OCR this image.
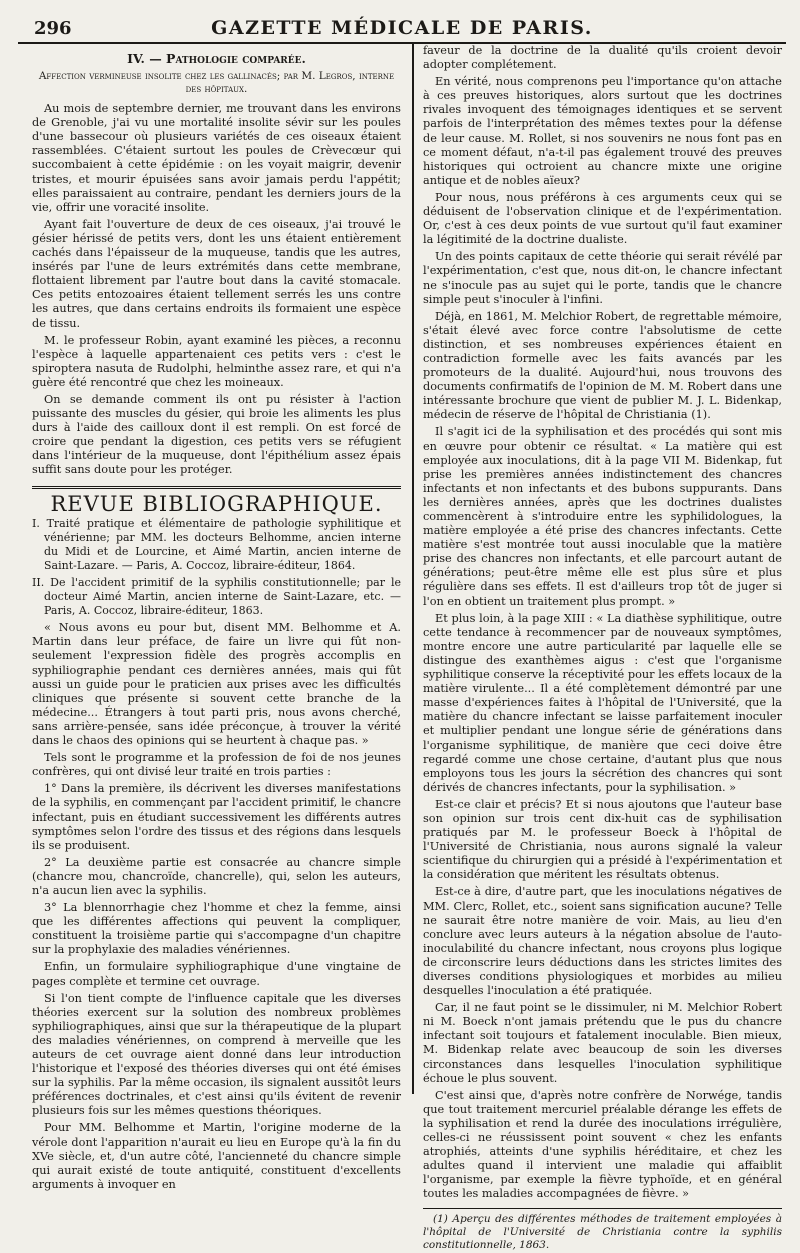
296	GAZETTE MÉDICALE DE PARIS.
IV. — Pathologie comparée.
Affection vermineuse insolite chez les gallinacés; par M. Legros, interne des hôpitaux.

Au mois de septembre dernier, me trouvant dans les environs de Grenoble, j'ai vu une mortalité insolite sévir sur les poules d'une bassecour où plusieurs variétés de ces oiseaux étaient rassemblées. C'étaient surtout les poules de Crèvecœur qui succombaient à cette épidémie : on les voyait maigrir, devenir tristes, et mourir épuisées sans avoir jamais perdu l'appétit; elles paraissaient au contraire, pendant les derniers jours de la vie, offrir une voracité insolite.

Ayant fait l'ouverture de deux de ces oiseaux, j'ai trouvé le gésier hérissé de petits vers, dont les uns étaient entièrement cachés dans l'épaisseur de la muqueuse, tandis que les autres, insérés par l'une de leurs extrémités dans cette membrane, flottaient librement par l'autre bout dans la cavité stomacale. Ces petits entozoaires étaient tellement serrés les uns contre les autres, que dans certains endroits ils formaient une espèce de tissu.

M. le professeur Robin, ayant examiné les pièces, a reconnu l'espèce à laquelle appartenaient ces petits vers : c'est le spiroptera nasuta de Rudolphi, helminthe assez rare, et qui n'a guère été rencontré que chez les moineaux.

On se demande comment ils ont pu résister à l'action puissante des muscles du gésier, qui broie les aliments les plus durs à l'aide des cailloux dont il est rempli. On est forcé de croire que pendant la digestion, ces petits vers se réfugient dans l'intérieur de la muqueuse, dont l'épithélium assez épais suffit sans doute pour les protéger.

REVUE BIBLIOGRAPHIQUE.

I. Traité pratique et élémentaire de pathologie syphilitique et vénérienne; par MM. les docteurs Belhomme, ancien interne du Midi et de Lourcine, et Aimé Martin, ancien interne de Saint-Lazare. — Paris, A. Coccoz, libraire-éditeur, 1864.

II. De l'accident primitif de la syphilis constitutionnelle; par le docteur Aimé Martin, ancien interne de Saint-Lazare, etc. — Paris, A. Coccoz, libraire-éditeur, 1863.

« Nous avons eu pour but, disent MM. Belhomme et A. Martin dans leur préface, de faire un livre qui fût non-seulement l'expression fidèle des progrès accomplis en syphiliographie pendant ces dernières années, mais qui fût aussi un guide pour le praticien aux prises avec les difficultés cliniques que présente si souvent cette branche de la médecine... Étrangers à tout parti pris, nous avons cherché, sans arrière-pensée, sans idée préconçue, à trouver la vérité dans le chaos des opinions qui se heurtent à chaque pas. »

Tels sont le programme et la profession de foi de nos jeunes confrères, qui ont divisé leur traité en trois parties :

1° Dans la première, ils décrivent les diverses manifestations de la syphilis, en commençant par l'accident primitif, le chancre infectant, puis en étudiant successivement les différents autres symptômes selon l'ordre des tissus et des régions dans lesquels ils se produisent.

2° La deuxième partie est consacrée au chancre simple (chancre mou, chancroïde, chancrelle), qui, selon les auteurs, n'a aucun lien avec la syphilis.

3° La blennorrhagie chez l'homme et chez la femme, ainsi que les différentes affections qui peuvent la compliquer, constituent la troisième partie qui s'accompagne d'un chapitre sur la prophylaxie des maladies vénériennes.

Enfin, un formulaire syphiliographique d'une vingtaine de pages complète et termine cet ouvrage.

Si l'on tient compte de l'influence capitale que les diverses théories exercent sur la solution des nombreux problèmes syphiliographiques, ainsi que sur la thérapeutique de la plupart des maladies vénériennes, on comprend à merveille que les auteurs de cet ouvrage aient donné dans leur introduction l'historique et l'exposé des théories diverses qui ont été émises sur la syphilis. Par la même occasion, ils signalent aussitôt leurs préférences doctrinales, et c'est ainsi qu'ils évitent de revenir plusieurs fois sur les mêmes questions théoriques.

Pour MM. Belhomme et Martin, l'origine moderne de la vérole dont l'apparition n'aurait eu lieu en Europe qu'à la fin du XVe siècle, et, d'un autre côté, l'ancienneté du chancre simple qui aurait existé de toute antiquité, constituent d'excellents arguments à invoquer en

faveur de la doctrine de la dualité qu'ils croient devoir adopter complétement.

En vérité, nous comprenons peu l'importance qu'on attache à ces preuves historiques, alors surtout que les doctrines rivales invoquent des témoignages identiques et se servent parfois de l'interprétation des mêmes textes pour la défense de leur cause. M. Rollet, si nos souvenirs ne nous font pas en ce moment défaut, n'a-t-il pas également trouvé des preuves historiques qui octroient au chancre mixte une origine antique et de nobles aïeux?

Pour nous, nous préférons à ces arguments ceux qui se déduisent de l'observation clinique et de l'expérimentation. Or, c'est à ces deux points de vue surtout qu'il faut examiner la légitimité de la doctrine dualiste.

Un des points capitaux de cette théorie qui serait révélé par l'expérimentation, c'est que, nous dit-on, le chancre infectant ne s'inocule pas au sujet qui le porte, tandis que le chancre simple peut s'inoculer à l'infini.

Déjà, en 1861, M. Melchior Robert, de regrettable mémoire, s'était élevé avec force contre l'absolutisme de cette distinction, et ses nombreuses expériences étaient en contradiction formelle avec les faits avancés par les promoteurs de la dualité. Aujourd'hui, nous trouvons des documents confirmatifs de l'opinion de M. M. Robert dans une intéressante brochure que vient de publier M. J. L. Bidenkap, médecin de réserve de l'hôpital de Christiania (1).

Il s'agit ici de la syphilisation et des procédés qui sont mis en œuvre pour obtenir ce résultat. « La matière qui est employée aux inoculations, dit à la page VII M. Bidenkap, fut prise les premières années indistinctement des chancres infectants et non infectants et des bubons suppurants. Dans les dernières années, après que les doctrines dualistes commencèrent à s'introduire entre les syphilidologues, la matière employée a été prise des chancres infectants. Cette matière s'est montrée tout aussi inoculable que la matière prise des chancres non infectants, et elle parcourt autant de générations; peut-être même elle est plus sûre et plus régulière dans ses effets. Il est d'ailleurs trop tôt de juger si l'on en obtient un traitement plus prompt. »

Et plus loin, à la page XIII : « La diathèse syphilitique, outre cette tendance à recommencer par de nouveaux symptômes, montre encore une autre particularité par laquelle elle se distingue des exanthèmes aigus : c'est que l'organisme syphilitique conserve la réceptivité pour les effets locaux de la matière virulente... Il a été complètement démontré par une masse d'expériences faites à l'hôpital de l'Université, que la matière du chancre infectant se laisse parfaitement inoculer et multiplier pendant une longue série de générations dans l'organisme syphilitique, de manière que ceci doive être regardé comme une chose certaine, d'autant plus que nous employons tous les jours la sécrétion des chancres qui sont dérivés de chancres infectants, pour la syphilisation. »

Est-ce clair et précis? Et si nous ajoutons que l'auteur base son opinion sur trois cent dix-huit cas de syphilisation pratiqués par M. le professeur Boeck à l'hôpital de l'Université de Christiania, nous aurons signalé la valeur scientifique du chirurgien qui a présidé à l'expérimentation et la considération que méritent les résultats obtenus.

Est-ce à dire, d'autre part, que les inoculations négatives de MM. Clerc, Rollet, etc., soient sans signification aucune? Telle ne saurait être notre manière de voir. Mais, au lieu d'en conclure avec leurs auteurs à la négation absolue de l'auto-inoculabilité du chancre infectant, nous croyons plus logique de circonscrire leurs déductions dans les strictes limites des diverses conditions physiologiques et morbides au milieu desquelles l'inoculation a été pratiquée.

Car, il ne faut point se le dissimuler, ni M. Melchior Robert ni M. Boeck n'ont jamais prétendu que le pus du chancre infectant soit toujours et fatalement inoculable. Bien mieux, M. Bidenkap relate avec beaucoup de soin les diverses circonstances dans lesquelles l'inoculation syphilitique échoue le plus souvent.

C'est ainsi que, d'après notre confrère de Norwége, tandis que tout traitement mercuriel préalable dérange les effets de la syphilisation et rend la durée des inoculations irrégulière, celles-ci ne réussissent point souvent « chez les enfants atrophiés, atteints d'une syphilis héréditaire, et chez les adultes quand il intervient une maladie qui affaiblit l'organisme, par exemple la fièvre typhoïde, et en général toutes les maladies accompagnées de fièvre. »

(1) Aperçu des différentes méthodes de traitement employées à l'hôpital de l'Université de Christiania contre la syphilis constitutionnelle, 1863.
